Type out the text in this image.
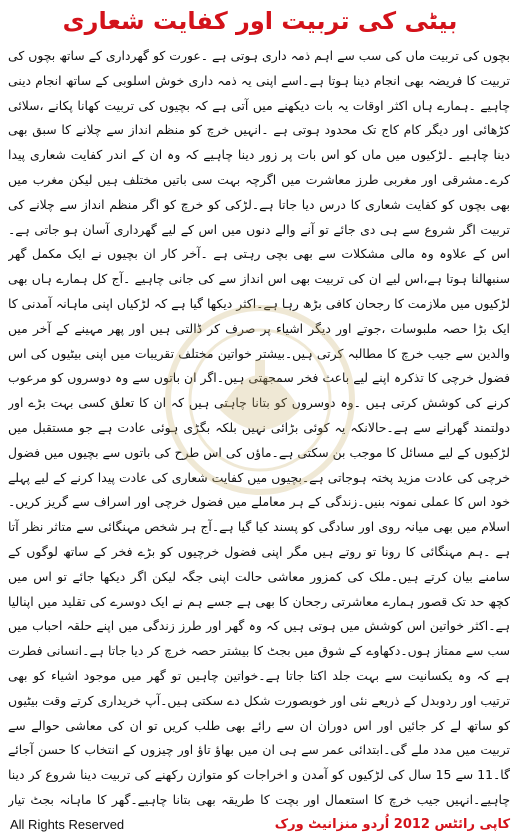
بیٹی کی تربیت اور کفایت شعاری

بچوں کی تربیت ماں کی سب سے اہم ذمہ داری ہوتی ہے ۔عورت کو گھرداری کے ساتھ بچوں کی تربیت کا فریضہ بھی انجام دینا ہوتا ہے۔اسے اپنی یہ ذمہ داری خوش اسلوبی کے ساتھ انجام دینی چاہیے ۔ہمارے ہاں اکثر اوقات یہ بات دیکھنے میں آتی ہے کہ بچیوں کی تربیت کھانا پکانے ،سلائی کڑھائی اور دیگر کام کاج تک محدود ہوتی ہے ۔انہیں خرچ کو منظم انداز سے چلانے کا سبق بھی دینا چاہیے ۔لڑکیوں میں ماں کو اس بات پر زور دینا چاہیے کہ وہ ان کے اندر کفایت شعاری پیدا کرے۔مشرقی اور مغربی طرز معاشرت میں اگرچہ بہت سی باتیں مختلف ہیں لیکن مغرب میں بھی بچوں کو کفایت شعاری کا درس دیا جاتا ہے۔لڑکی کو خرچ کو اگر منظم انداز سے چلانے کی تربیت اگر شروع سے ہی دی جائے تو آنے والے دنوں میں اس کے لیے گھرداری آسان ہو جاتی ہے۔اس کے علاوہ وہ مالی مشکلات سے بھی بچی رہتی ہے ۔آخر کار ان بچیوں نے ایک مکمل گھر سنبھالنا ہوتا ہے،اس لیے ان کی تربیت بھی اس انداز سے کی جانی چاہیے ۔آج کل ہمارے ہاں بھی لڑکیوں میں ملازمت کا رجحان کافی بڑھ رہا ہے۔اکثر دیکھا گیا ہے کہ لڑکیاں اپنی ماہانہ آمدنی کا ایک بڑا حصہ ملبوسات ،جوتے اور دیگر اشیاء پر صرف کر ڈالتی ہیں اور پھر مہینے کے آخر میں والدین سے جیب خرچ کا مطالبہ کرتی ہیں۔بیشتر خواتین مختلف تقریبات میں اپنی بیٹیوں کی اس فضول خرچی کا تذکرہ اپنے لیے باعث فخر سمجھتی ہیں۔اگر ان باتوں سے وہ دوسروں کو مرعوب کرنے کی کوشش کرتی ہیں ۔وہ دوسروں کو بتانا چاہتی ہیں کہ ان کا تعلق کسی بہت بڑے اور دولتمند گھرانے سے ہے۔حالانکہ یہ کوئی بڑائی نہیں بلکہ بگڑی ہوئی عادت ہے جو مستقبل میں لڑکیوں کے لیے مسائل کا موجب بن سکتی ہے۔ماؤں کی اس طرح کی باتوں سے بچیوں میں فضول خرچی کی عادت مزید پختہ ہوجاتی ہے۔بچیوں میں کفایت شعاری کی عادت پیدا کرنے کے لیے پہلے خود اس کا عملی نمونہ بنیں۔زندگی کے ہر معاملے میں فضول خرچی اور اسراف سے گریز کریں۔اسلام میں بھی میانہ روی اور سادگی کو پسند کیا گیا ہے۔آج ہر شخص مہنگائی سے متاثر نظر آتا ہے ۔ہم مہنگائی کا رونا تو روتے ہیں مگر اپنی فضول خرچیوں کو بڑے فخر کے ساتھ لوگوں کے سامنے بیان کرتے ہیں۔ملک کی کمزور معاشی حالت اپنی جگہ لیکن اگر دیکھا جائے تو اس میں کچھ حد تک قصور ہمارے معاشرتی رجحان کا بھی ہے جسے ہم نے ایک دوسرے کی تقلید میں اپنالیا ہے۔اکثر خواتین اس کوشش میں ہوتی ہیں کہ وہ گھر اور طرز زندگی میں اپنے حلقہ احباب میں سب سے ممتاز ہوں۔دکھاوے کے شوق میں بجٹ کا بیشتر حصہ خرچ کر دیا جاتا ہے۔انسانی فطرت ہے کہ وہ یکسانیت سے بہت جلد اکتا جاتا ہے۔خواتین چاہیں تو گھر میں موجود اشیاء کو بھی ترتیب اور ردوبدل کے ذریعے نئی اور خوبصورت شکل دے سکتی ہیں۔آپ خریداری کرتے وقت بیٹیوں کو ساتھ لے کر جائیں اور اس دوران ان سے رائے بھی طلب کریں تو ان کی معاشی حوالے سے تربیت میں مدد ملے گی۔ابتدائی عمر سے ہی ان میں بھاؤ تاؤ اور چیزوں کے انتخاب کا حسن آجائے گا۔11 سے 15 سال کی لڑکیوں کو آمدن و اخراجات کو متوازن رکھنے کی تربیت دینا شروع کر دینا چاہیے۔انہیں جیب خرچ کا استعمال اور بچت کا طریقہ بھی بتانا چاہیے۔گھر کا ماہانہ بجٹ تیار

All Rights Reserved	کاپی رائٹس 2012 اُردو منزانیٹ ورک
